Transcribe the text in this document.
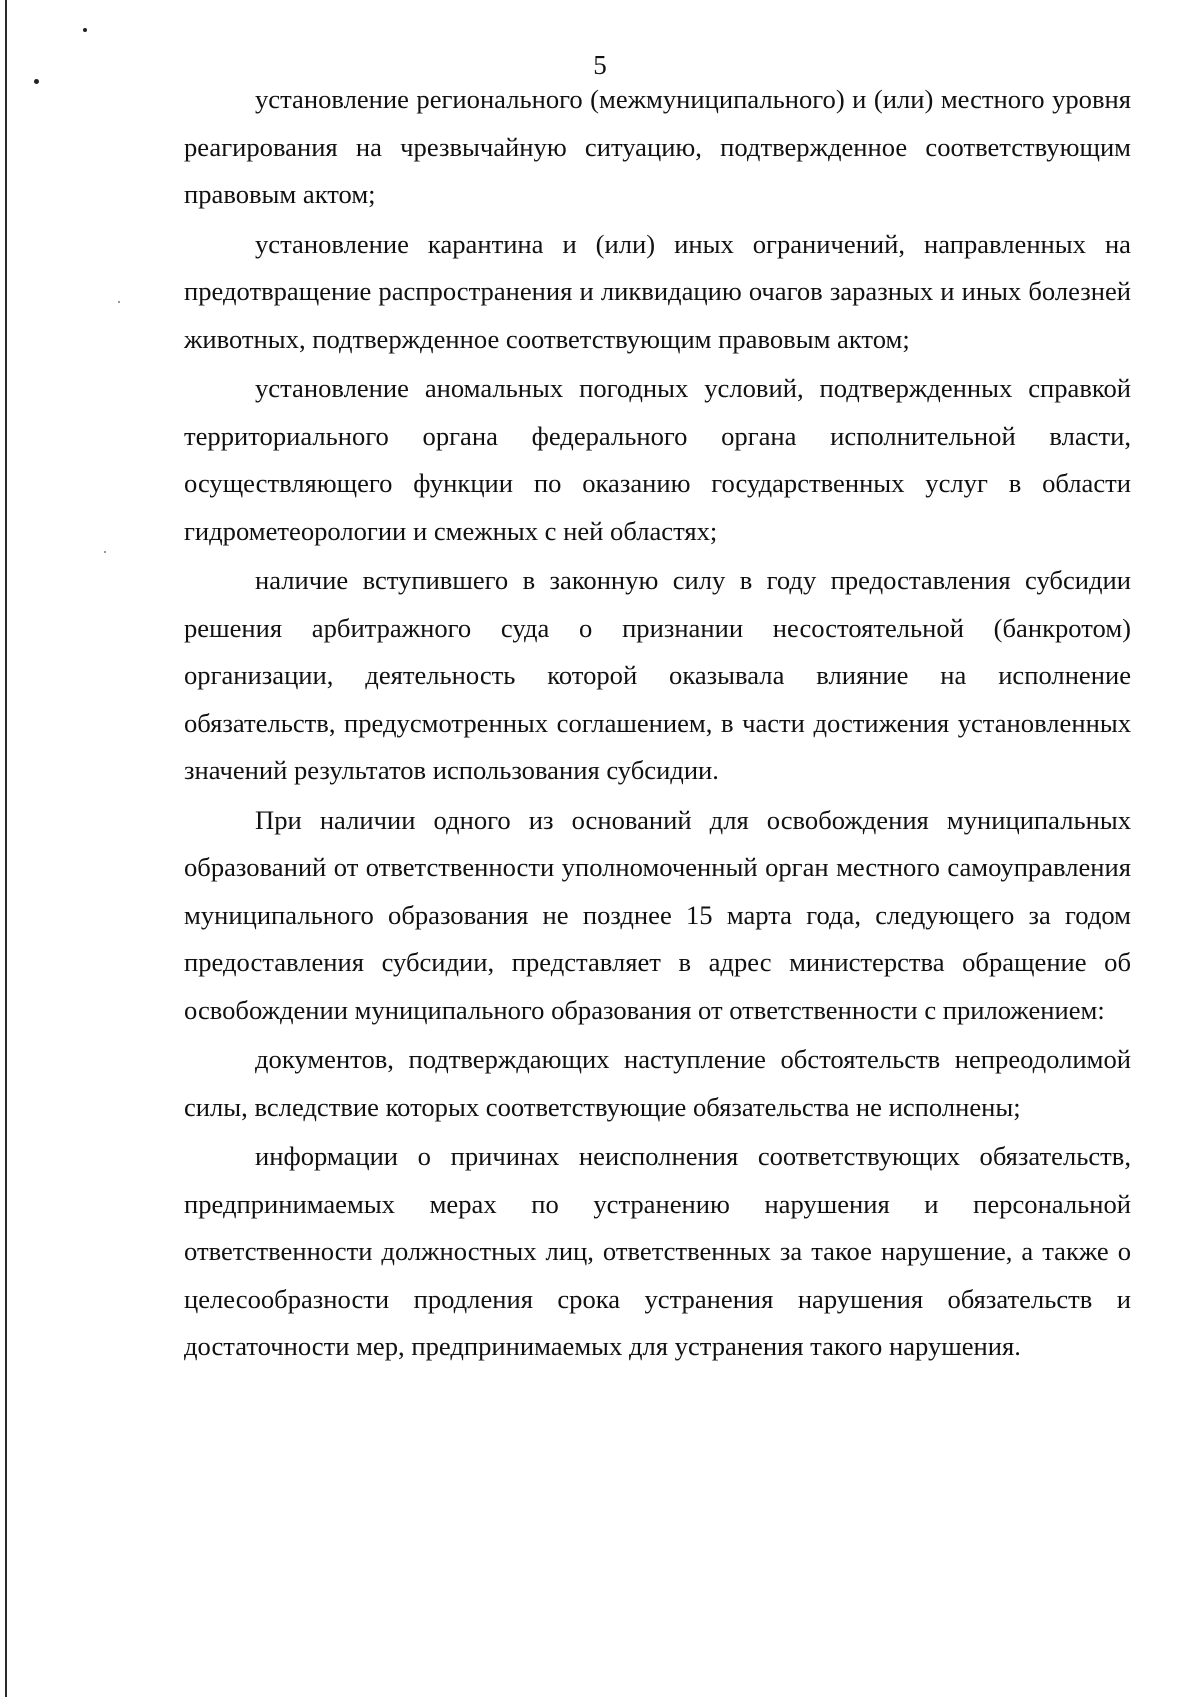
5

установление регионального (межмуниципального) и (или) местного уровня реагирования на чрезвычайную ситуацию, подтвержденное соответствующим правовым актом;

установление карантина и (или) иных ограничений, направленных на предотвращение распространения и ликвидацию очагов заразных и иных болезней животных, подтвержденное соответствующим правовым актом;

установление аномальных погодных условий, подтвержденных справкой территориального органа федерального органа исполнительной власти, осуществляющего функции по оказанию государственных услуг в области гидрометеорологии и смежных с ней областях;

наличие вступившего в законную силу в году предоставления субсидии решения арбитражного суда о признании несостоятельной (банкротом) организации, деятельность которой оказывала влияние на исполнение обязательств, предусмотренных соглашением, в части достижения установленных значений результатов использования субсидии.

При наличии одного из оснований для освобождения муниципальных образований от ответственности уполномоченный орган местного самоуправления муниципального образования не позднее 15 марта года, следующего за годом предоставления субсидии, представляет в адрес министерства обращение об освобождении муниципального образования от ответственности с приложением:

документов, подтверждающих наступление обстоятельств непреодолимой силы, вследствие которых соответствующие обязательства не исполнены;

информации о причинах неисполнения соответствующих обязательств, предпринимаемых мерах по устранению нарушения и персональной ответственности должностных лиц, ответственных за такое нарушение, а также о целесообразности продления срока устранения нарушения обязательств и достаточности мер, предпринимаемых для устранения такого нарушения.
